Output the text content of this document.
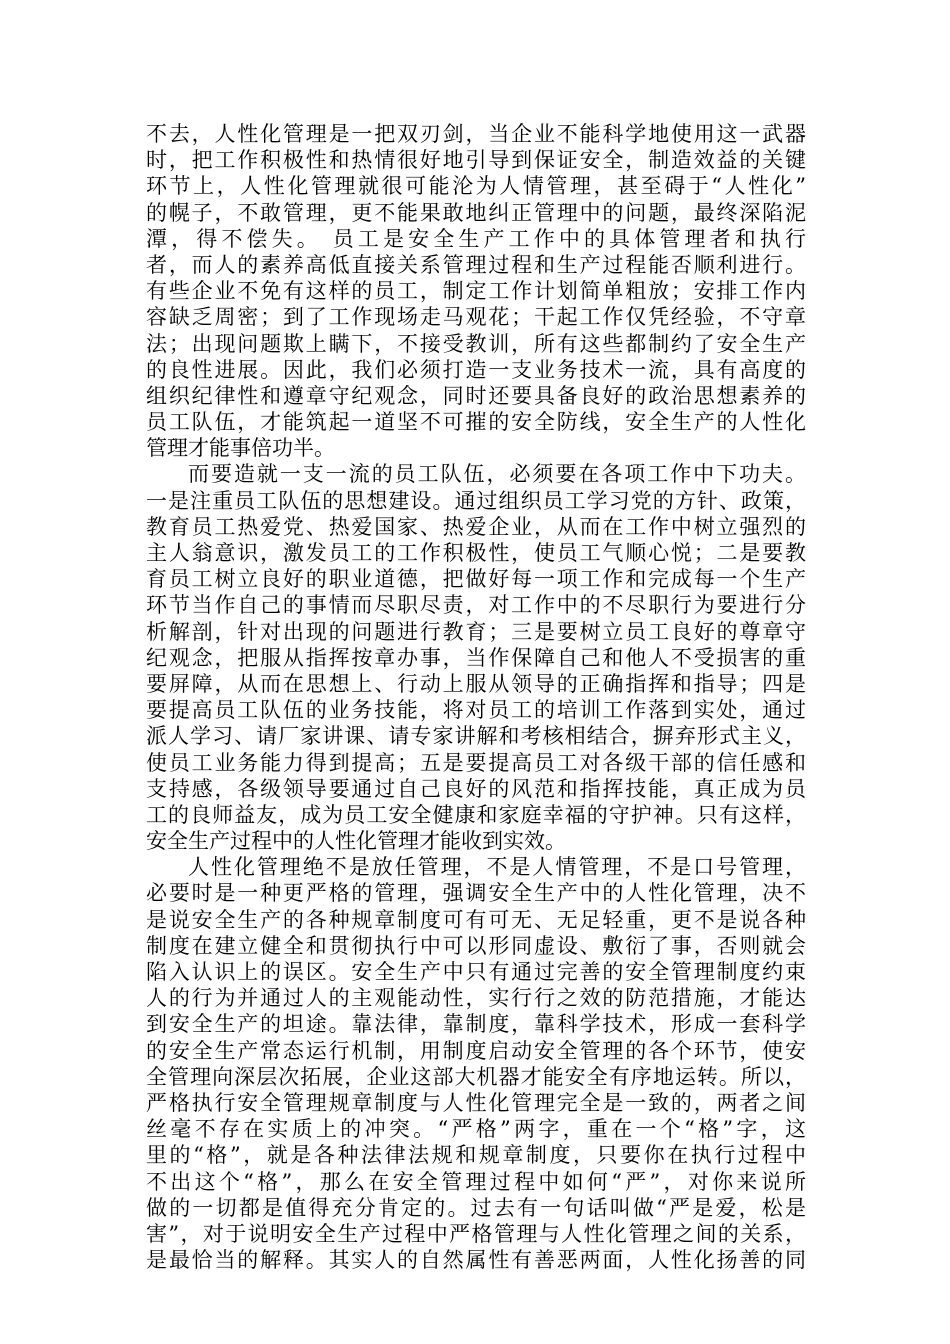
不去，人性化管理是一把双刃剑，当企业不能科学地使用这一武器
时，把工作积极性和热情很好地引导到保证安全，制造效益的关键
环节上，人性化管理就很可能沦为人情管理，甚至碍于“人性化”
的幌子，不敢管理，更不能果敢地纠正管理中的问题，最终深陷泥
潭，得不偿失。 员工是安全生产工作中的具体管理者和执行
者，而人的素养高低直接关系管理过程和生产过程能否顺利进行。
有些企业不免有这样的员工，制定工作计划简单粗放；安排工作内
容缺乏周密；到了工作现场走马观花；干起工作仅凭经验，不守章
法；出现问题欺上瞒下，不接受教训，所有这些都制约了安全生产
的良性进展。因此，我们必须打造一支业务技术一流，具有高度的
组织纪律性和遵章守纪观念，同时还要具备良好的政治思想素养的
员工队伍，才能筑起一道坚不可摧的安全防线，安全生产的人性化
管理才能事倍功半。
而要造就一支一流的员工队伍，必须要在各项工作中下功夫。
一是注重员工队伍的思想建设。通过组织员工学习党的方针、政策，
教育员工热爱党、热爱国家、热爱企业，从而在工作中树立强烈的
主人翁意识，激发员工的工作积极性，使员工气顺心悦；二是要教
育员工树立良好的职业道德，把做好每一项工作和完成每一个生产
环节当作自己的事情而尽职尽责，对工作中的不尽职行为要进行分
析解剖，针对出现的问题进行教育；三是要树立员工良好的尊章守
纪观念，把服从指挥按章办事，当作保障自己和他人不受损害的重
要屏障，从而在思想上、行动上服从领导的正确指挥和指导；四是
要提高员工队伍的业务技能，将对员工的培训工作落到实处，通过
派人学习、请厂家讲课、请专家讲解和考核相结合，摒弃形式主义，
使员工业务能力得到提高；五是要提高员工对各级干部的信任感和
支持感，各级领导要通过自己良好的风范和指挥技能，真正成为员
工的良师益友，成为员工安全健康和家庭幸福的守护神。只有这样，
安全生产过程中的人性化管理才能收到实效。
人性化管理绝不是放任管理，不是人情管理，不是口号管理，
必要时是一种更严格的管理，强调安全生产中的人性化管理，决不
是说安全生产的各种规章制度可有可无、无足轻重，更不是说各种
制度在建立健全和贯彻执行中可以形同虚设、敷衍了事，否则就会
陷入认识上的误区。安全生产中只有通过完善的安全管理制度约束
人的行为并通过人的主观能动性，实行行之效的防范措施，才能达
到安全生产的坦途。靠法律，靠制度，靠科学技术，形成一套科学
的安全生产常态运行机制，用制度启动安全管理的各个环节，使安
全管理向深层次拓展，企业这部大机器才能安全有序地运转。所以，
严格执行安全管理规章制度与人性化管理完全是一致的，两者之间
丝毫不存在实质上的冲突。“严格”两字，重在一个“格”字，这
里的“格”，就是各种法律法规和规章制度，只要你在执行过程中
不出这个“格”，那么在安全管理过程中如何“严”，对你来说所
做的一切都是值得充分肯定的。过去有一句话叫做“严是爱，松是
害”，对于说明安全生产过程中严格管理与人性化管理之间的关系，
是最恰当的解释。其实人的自然属性有善恶两面，人性化扬善的同
